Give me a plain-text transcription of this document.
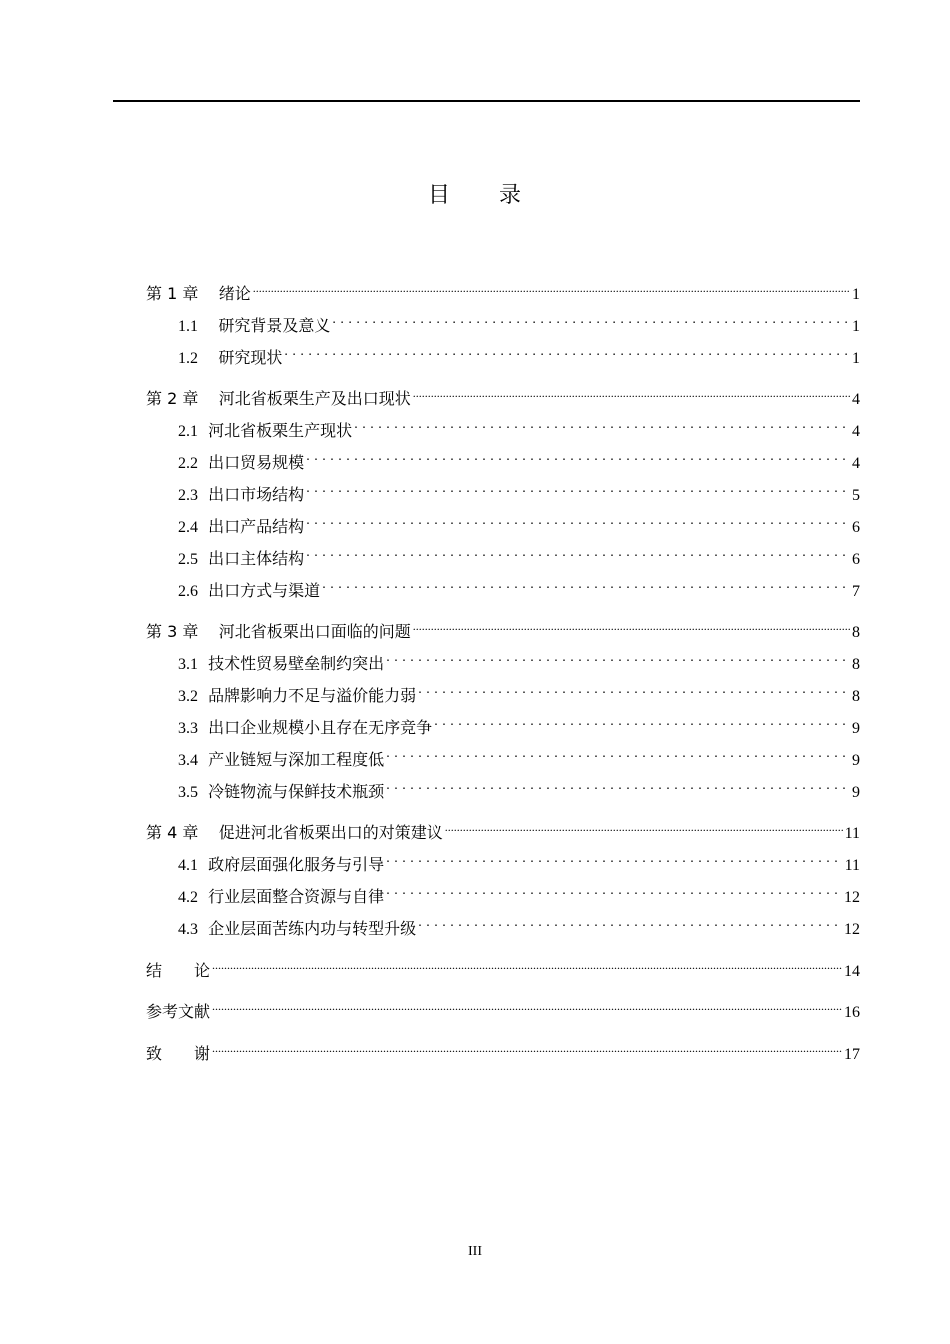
目 录
第 1 章 绪论 .....	1
1.1 研究背景及意义 . . .	1
1.2 研究现状 . . .	1
第 2 章 河北省板栗生产及出口现状 .....	4
2.1 河北省板栗生产现状 . . .	4
2.2 出口贸易规模 . . .	4
2.3 出口市场结构 . . .	5
2.4 出口产品结构 . . .	6
2.5 出口主体结构 . . .	6
2.6 出口方式与渠道 . . .	7
第 3 章 河北省板栗出口面临的问题 .....	8
3.1 技术性贸易壁垒制约突出 . . .	8
3.2 品牌影响力不足与溢价能力弱 . . .	8
3.3 出口企业规模小且存在无序竞争 . . .	9
3.4 产业链短与深加工程度低 . . .	9
3.5 冷链物流与保鲜技术瓶颈 . . .	9
第 4 章 促进河北省板栗出口的对策建议 .....	11
4.1 政府层面强化服务与引导 . . .	11
4.2 行业层面整合资源与自律 . . .	12
4.3 企业层面苦练内功与转型升级 . . .	12
结　　论 .....	14
参考文献 .....	16
致　　谢 .....	17
III
